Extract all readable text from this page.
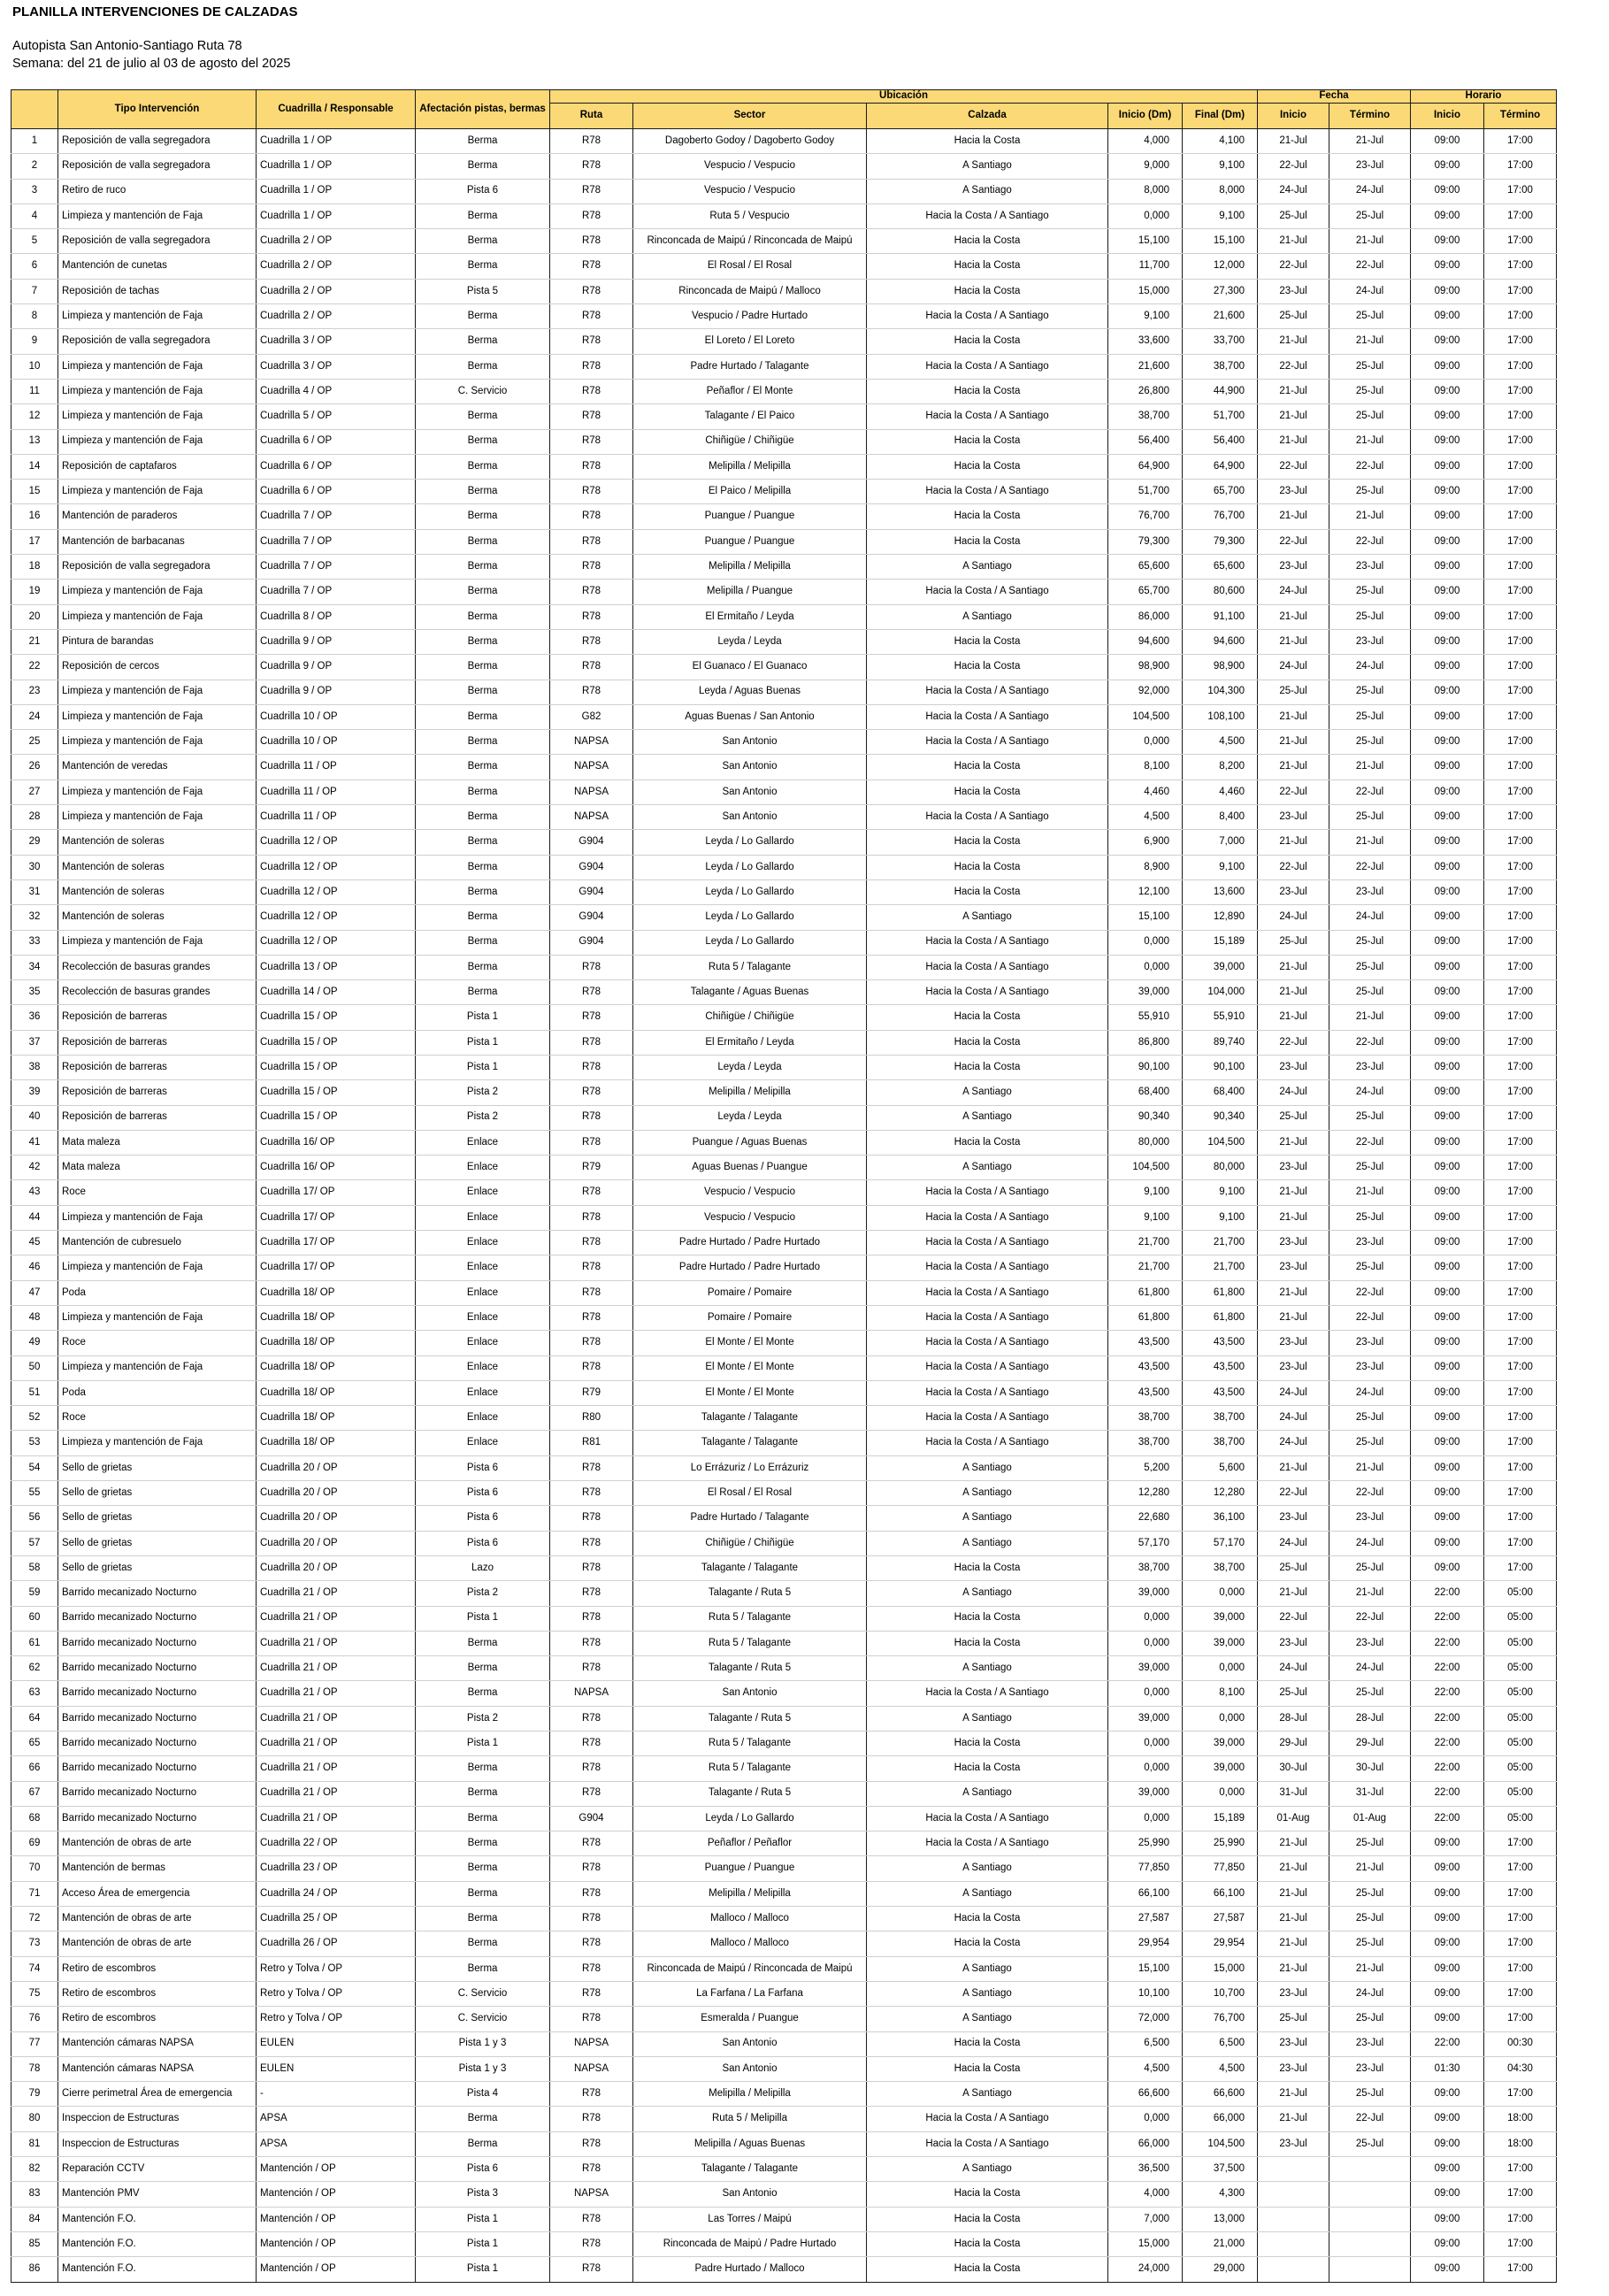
PLANILLA INTERVENCIONES DE CALZADAS
Autopista San Antonio-Santiago Ruta 78
Semana: del 21 de julio al 03 de agosto del 2025
	Tipo Intervención	Cuadrilla / Responsable	Afectación pistas, bermas	Ubicación					Fecha		Horario	
				Ruta	Sector	Calzada	Inicio (Dm)	Final (Dm)	Inicio	Término	Inicio	Término
1	Reposición de valla segregadora	Cuadrilla 1 / OP	Berma	R78	Dagoberto Godoy / Dagoberto Godoy	Hacia la Costa	4,000	4,100	21-Jul	21-Jul	09:00	17:00
2	Reposición de valla segregadora	Cuadrilla 1 / OP	Berma	R78	Vespucio / Vespucio	A Santiago	9,000	9,100	22-Jul	23-Jul	09:00	17:00
3	Retiro de ruco	Cuadrilla 1 / OP	Pista 6	R78	Vespucio / Vespucio	A Santiago	8,000	8,000	24-Jul	24-Jul	09:00	17:00
4	Limpieza y mantención de Faja	Cuadrilla 1 / OP	Berma	R78	Ruta 5 / Vespucio	Hacia la Costa / A Santiago	0,000	9,100	25-Jul	25-Jul	09:00	17:00
5	Reposición de valla segregadora	Cuadrilla 2 / OP	Berma	R78	Rinconcada de Maipú / Rinconcada de Maipú	Hacia la Costa	15,100	15,100	21-Jul	21-Jul	09:00	17:00
6	Mantención de cunetas	Cuadrilla 2 / OP	Berma	R78	El Rosal / El Rosal	Hacia la Costa	11,700	12,000	22-Jul	22-Jul	09:00	17:00
7	Reposición de tachas	Cuadrilla 2 / OP	Pista 5	R78	Rinconcada de Maipú / Malloco	Hacia la Costa	15,000	27,300	23-Jul	24-Jul	09:00	17:00
8	Limpieza y mantención de Faja	Cuadrilla 2 / OP	Berma	R78	Vespucio / Padre Hurtado	Hacia la Costa / A Santiago	9,100	21,600	25-Jul	25-Jul	09:00	17:00
9	Reposición de valla segregadora	Cuadrilla 3 / OP	Berma	R78	El Loreto / El Loreto	Hacia la Costa	33,600	33,700	21-Jul	21-Jul	09:00	17:00
10	Limpieza y mantención de Faja	Cuadrilla 3 / OP	Berma	R78	Padre Hurtado / Talagante	Hacia la Costa / A Santiago	21,600	38,700	22-Jul	25-Jul	09:00	17:00
11	Limpieza y mantención de Faja	Cuadrilla 4 / OP	C. Servicio	R78	Peñaflor / El Monte	Hacia la Costa	26,800	44,900	21-Jul	25-Jul	09:00	17:00
12	Limpieza y mantención de Faja	Cuadrilla 5 / OP	Berma	R78	Talagante / El Paico	Hacia la Costa / A Santiago	38,700	51,700	21-Jul	25-Jul	09:00	17:00
13	Limpieza y mantención de Faja	Cuadrilla 6 / OP	Berma	R78	Chiñigüe / Chiñigüe	Hacia la Costa	56,400	56,400	21-Jul	21-Jul	09:00	17:00
14	Reposición de captafaros	Cuadrilla 6 / OP	Berma	R78	Melipilla / Melipilla	Hacia la Costa	64,900	64,900	22-Jul	22-Jul	09:00	17:00
15	Limpieza y mantención de Faja	Cuadrilla 6 / OP	Berma	R78	El Paico / Melipilla	Hacia la Costa / A Santiago	51,700	65,700	23-Jul	25-Jul	09:00	17:00
16	Mantención de paraderos	Cuadrilla 7 / OP	Berma	R78	Puangue / Puangue	Hacia la Costa	76,700	76,700	21-Jul	21-Jul	09:00	17:00
17	Mantención de barbacanas	Cuadrilla 7 / OP	Berma	R78	Puangue / Puangue	Hacia la Costa	79,300	79,300	22-Jul	22-Jul	09:00	17:00
18	Reposición de valla segregadora	Cuadrilla 7 / OP	Berma	R78	Melipilla / Melipilla	A Santiago	65,600	65,600	23-Jul	23-Jul	09:00	17:00
19	Limpieza y mantención de Faja	Cuadrilla 7 / OP	Berma	R78	Melipilla / Puangue	Hacia la Costa / A Santiago	65,700	80,600	24-Jul	25-Jul	09:00	17:00
20	Limpieza y mantención de Faja	Cuadrilla 8 / OP	Berma	R78	El Ermitaño / Leyda	A Santiago	86,000	91,100	21-Jul	25-Jul	09:00	17:00
21	Pintura de barandas	Cuadrilla 9 / OP	Berma	R78	Leyda / Leyda	Hacia la Costa	94,600	94,600	21-Jul	23-Jul	09:00	17:00
22	Reposición de cercos	Cuadrilla 9 / OP	Berma	R78	El Guanaco / El Guanaco	Hacia la Costa	98,900	98,900	24-Jul	24-Jul	09:00	17:00
23	Limpieza y mantención de Faja	Cuadrilla 9 / OP	Berma	R78	Leyda / Aguas Buenas	Hacia la Costa / A Santiago	92,000	104,300	25-Jul	25-Jul	09:00	17:00
24	Limpieza y mantención de Faja	Cuadrilla 10 / OP	Berma	G82	Aguas Buenas / San Antonio	Hacia la Costa / A Santiago	104,500	108,100	21-Jul	25-Jul	09:00	17:00
25	Limpieza y mantención de Faja	Cuadrilla 10 / OP	Berma	NAPSA	San Antonio	Hacia la Costa / A Santiago	0,000	4,500	21-Jul	25-Jul	09:00	17:00
26	Mantención de veredas	Cuadrilla 11 / OP	Berma	NAPSA	San Antonio	Hacia la Costa	8,100	8,200	21-Jul	21-Jul	09:00	17:00
27	Limpieza y mantención de Faja	Cuadrilla 11 / OP	Berma	NAPSA	San Antonio	Hacia la Costa	4,460	4,460	22-Jul	22-Jul	09:00	17:00
28	Limpieza y mantención de Faja	Cuadrilla 11 / OP	Berma	NAPSA	San Antonio	Hacia la Costa / A Santiago	4,500	8,400	23-Jul	25-Jul	09:00	17:00
29	Mantención de soleras	Cuadrilla 12 / OP	Berma	G904	Leyda / Lo Gallardo	Hacia la Costa	6,900	7,000	21-Jul	21-Jul	09:00	17:00
30	Mantención de soleras	Cuadrilla 12 / OP	Berma	G904	Leyda / Lo Gallardo	Hacia la Costa	8,900	9,100	22-Jul	22-Jul	09:00	17:00
31	Mantención de soleras	Cuadrilla 12 / OP	Berma	G904	Leyda / Lo Gallardo	Hacia la Costa	12,100	13,600	23-Jul	23-Jul	09:00	17:00
32	Mantención de soleras	Cuadrilla 12 / OP	Berma	G904	Leyda / Lo Gallardo	A Santiago	15,100	12,890	24-Jul	24-Jul	09:00	17:00
33	Limpieza y mantención de Faja	Cuadrilla 12 / OP	Berma	G904	Leyda / Lo Gallardo	Hacia la Costa / A Santiago	0,000	15,189	25-Jul	25-Jul	09:00	17:00
34	Recolección de basuras grandes	Cuadrilla 13 / OP	Berma	R78	Ruta 5 / Talagante	Hacia la Costa / A Santiago	0,000	39,000	21-Jul	25-Jul	09:00	17:00
35	Recolección de basuras grandes	Cuadrilla 14 / OP	Berma	R78	Talagante / Aguas Buenas	Hacia la Costa / A Santiago	39,000	104,000	21-Jul	25-Jul	09:00	17:00
36	Reposición de barreras	Cuadrilla 15 / OP	Pista 1	R78	Chiñigüe / Chiñigüe	Hacia la Costa	55,910	55,910	21-Jul	21-Jul	09:00	17:00
37	Reposición de barreras	Cuadrilla 15 / OP	Pista 1	R78	El Ermitaño / Leyda	Hacia la Costa	86,800	89,740	22-Jul	22-Jul	09:00	17:00
38	Reposición de barreras	Cuadrilla 15 / OP	Pista 1	R78	Leyda / Leyda	Hacia la Costa	90,100	90,100	23-Jul	23-Jul	09:00	17:00
39	Reposición de barreras	Cuadrilla 15 / OP	Pista 2	R78	Melipilla / Melipilla	A Santiago	68,400	68,400	24-Jul	24-Jul	09:00	17:00
40	Reposición de barreras	Cuadrilla 15 / OP	Pista 2	R78	Leyda / Leyda	A Santiago	90,340	90,340	25-Jul	25-Jul	09:00	17:00
41	Mata maleza	Cuadrilla 16/ OP	Enlace	R78	Puangue / Aguas Buenas	Hacia la Costa	80,000	104,500	21-Jul	22-Jul	09:00	17:00
42	Mata maleza	Cuadrilla 16/ OP	Enlace	R79	Aguas Buenas / Puangue	A Santiago	104,500	80,000	23-Jul	25-Jul	09:00	17:00
43	Roce	Cuadrilla 17/ OP	Enlace	R78	Vespucio / Vespucio	Hacia la Costa / A Santiago	9,100	9,100	21-Jul	21-Jul	09:00	17:00
44	Limpieza y mantención de Faja	Cuadrilla 17/ OP	Enlace	R78	Vespucio / Vespucio	Hacia la Costa / A Santiago	9,100	9,100	21-Jul	25-Jul	09:00	17:00
45	Mantención de cubresuelo	Cuadrilla 17/ OP	Enlace	R78	Padre Hurtado / Padre Hurtado	Hacia la Costa / A Santiago	21,700	21,700	23-Jul	23-Jul	09:00	17:00
46	Limpieza y mantención de Faja	Cuadrilla 17/ OP	Enlace	R78	Padre Hurtado / Padre Hurtado	Hacia la Costa / A Santiago	21,700	21,700	23-Jul	25-Jul	09:00	17:00
47	Poda	Cuadrilla 18/ OP	Enlace	R78	Pomaire / Pomaire	Hacia la Costa / A Santiago	61,800	61,800	21-Jul	22-Jul	09:00	17:00
48	Limpieza y mantención de Faja	Cuadrilla 18/ OP	Enlace	R78	Pomaire / Pomaire	Hacia la Costa / A Santiago	61,800	61,800	21-Jul	22-Jul	09:00	17:00
49	Roce	Cuadrilla 18/ OP	Enlace	R78	El Monte / El Monte	Hacia la Costa / A Santiago	43,500	43,500	23-Jul	23-Jul	09:00	17:00
50	Limpieza y mantención de Faja	Cuadrilla 18/ OP	Enlace	R78	El Monte / El Monte	Hacia la Costa / A Santiago	43,500	43,500	23-Jul	23-Jul	09:00	17:00
51	Poda	Cuadrilla 18/ OP	Enlace	R79	El Monte / El Monte	Hacia la Costa / A Santiago	43,500	43,500	24-Jul	24-Jul	09:00	17:00
52	Roce	Cuadrilla 18/ OP	Enlace	R80	Talagante / Talagante	Hacia la Costa / A Santiago	38,700	38,700	24-Jul	25-Jul	09:00	17:00
53	Limpieza y mantención de Faja	Cuadrilla 18/ OP	Enlace	R81	Talagante / Talagante	Hacia la Costa / A Santiago	38,700	38,700	24-Jul	25-Jul	09:00	17:00
54	Sello de grietas	Cuadrilla 20 / OP	Pista 6	R78	Lo Errázuriz / Lo Errázuriz	A Santiago	5,200	5,600	21-Jul	21-Jul	09:00	17:00
55	Sello de grietas	Cuadrilla 20 / OP	Pista 6	R78	El Rosal / El Rosal	A Santiago	12,280	12,280	22-Jul	22-Jul	09:00	17:00
56	Sello de grietas	Cuadrilla 20 / OP	Pista 6	R78	Padre Hurtado / Talagante	A Santiago	22,680	36,100	23-Jul	23-Jul	09:00	17:00
57	Sello de grietas	Cuadrilla 20 / OP	Pista 6	R78	Chiñigüe / Chiñigüe	A Santiago	57,170	57,170	24-Jul	24-Jul	09:00	17:00
58	Sello de grietas	Cuadrilla 20 / OP	Lazo	R78	Talagante / Talagante	Hacia la Costa	38,700	38,700	25-Jul	25-Jul	09:00	17:00
59	Barrido mecanizado Nocturno	Cuadrilla 21 / OP	Pista 2	R78	Talagante / Ruta 5	A Santiago	39,000	0,000	21-Jul	21-Jul	22:00	05:00
60	Barrido mecanizado Nocturno	Cuadrilla 21 / OP	Pista 1	R78	Ruta 5 / Talagante	Hacia la Costa	0,000	39,000	22-Jul	22-Jul	22:00	05:00
61	Barrido mecanizado Nocturno	Cuadrilla 21 / OP	Berma	R78	Ruta 5 / Talagante	Hacia la Costa	0,000	39,000	23-Jul	23-Jul	22:00	05:00
62	Barrido mecanizado Nocturno	Cuadrilla 21 / OP	Berma	R78	Talagante / Ruta 5	A Santiago	39,000	0,000	24-Jul	24-Jul	22:00	05:00
63	Barrido mecanizado Nocturno	Cuadrilla 21 / OP	Berma	NAPSA	San Antonio	Hacia la Costa / A Santiago	0,000	8,100	25-Jul	25-Jul	22:00	05:00
64	Barrido mecanizado Nocturno	Cuadrilla 21 / OP	Pista 2	R78	Talagante / Ruta 5	A Santiago	39,000	0,000	28-Jul	28-Jul	22:00	05:00
65	Barrido mecanizado Nocturno	Cuadrilla 21 / OP	Pista 1	R78	Ruta 5 / Talagante	Hacia la Costa	0,000	39,000	29-Jul	29-Jul	22:00	05:00
66	Barrido mecanizado Nocturno	Cuadrilla 21 / OP	Berma	R78	Ruta 5 / Talagante	Hacia la Costa	0,000	39,000	30-Jul	30-Jul	22:00	05:00
67	Barrido mecanizado Nocturno	Cuadrilla 21 / OP	Berma	R78	Talagante / Ruta 5	A Santiago	39,000	0,000	31-Jul	31-Jul	22:00	05:00
68	Barrido mecanizado Nocturno	Cuadrilla 21 / OP	Berma	G904	Leyda / Lo Gallardo	Hacia la Costa / A Santiago	0,000	15,189	01-Aug	01-Aug	22:00	05:00
69	Mantención de obras de arte	Cuadrilla 22 / OP	Berma	R78	Peñaflor / Peñaflor	Hacia la Costa / A Santiago	25,990	25,990	21-Jul	25-Jul	09:00	17:00
70	Mantención de bermas	Cuadrilla 23 / OP	Berma	R78	Puangue / Puangue	A Santiago	77,850	77,850	21-Jul	21-Jul	09:00	17:00
71	Acceso Área de emergencia	Cuadrilla 24 / OP	Berma	R78	Melipilla / Melipilla	A Santiago	66,100	66,100	21-Jul	25-Jul	09:00	17:00
72	Mantención de obras de arte	Cuadrilla 25 / OP	Berma	R78	Malloco / Malloco	Hacia la Costa	27,587	27,587	21-Jul	25-Jul	09:00	17:00
73	Mantención de obras de arte	Cuadrilla 26 / OP	Berma	R78	Malloco / Malloco	Hacia la Costa	29,954	29,954	21-Jul	25-Jul	09:00	17:00
74	Retiro de escombros	Retro y Tolva / OP	Berma	R78	Rinconcada de Maipú / Rinconcada de Maipú	A Santiago	15,100	15,000	21-Jul	21-Jul	09:00	17:00
75	Retiro de escombros	Retro y Tolva / OP	C. Servicio	R78	La Farfana / La Farfana	A Santiago	10,100	10,700	23-Jul	24-Jul	09:00	17:00
76	Retiro de escombros	Retro y Tolva / OP	C. Servicio	R78	Esmeralda / Puangue	A Santiago	72,000	76,700	25-Jul	25-Jul	09:00	17:00
77	Mantención cámaras NAPSA	EULEN	Pista 1 y 3	NAPSA	San Antonio	Hacia la Costa	6,500	6,500	23-Jul	23-Jul	22:00	00:30
78	Mantención cámaras NAPSA	EULEN	Pista 1 y 3	NAPSA	San Antonio	Hacia la Costa	4,500	4,500	23-Jul	23-Jul	01:30	04:30
79	Cierre perimetral Área de emergencia	-	Pista 4	R78	Melipilla / Melipilla	A Santiago	66,600	66,600	21-Jul	25-Jul	09:00	17:00
80	Inspeccion de Estructuras	APSA	Berma	R78	Ruta 5 / Melipilla	Hacia la Costa / A Santiago	0,000	66,000	21-Jul	22-Jul	09:00	18:00
81	Inspeccion de Estructuras	APSA	Berma	R78	Melipilla / Aguas Buenas	Hacia la Costa / A Santiago	66,000	104,500	23-Jul	25-Jul	09:00	18:00
82	Reparación CCTV	Mantención / OP	Pista 6	R78	Talagante / Talagante	A Santiago	36,500	37,500			09:00	17:00
83	Mantención PMV	Mantención / OP	Pista 3	NAPSA	San Antonio	Hacia la Costa	4,000	4,300			09:00	17:00
84	Mantención F.O.	Mantención / OP	Pista 1	R78	Las Torres / Maipú	Hacia la Costa	7,000	13,000			09:00	17:00
85	Mantención F.O.	Mantención / OP	Pista 1	R78	Rinconcada de Maipú / Padre Hurtado	Hacia la Costa	15,000	21,000			09:00	17:00
86	Mantención F.O.	Mantención / OP	Pista 1	R78	Padre Hurtado / Malloco	Hacia la Costa	24,000	29,000			09:00	17:00
